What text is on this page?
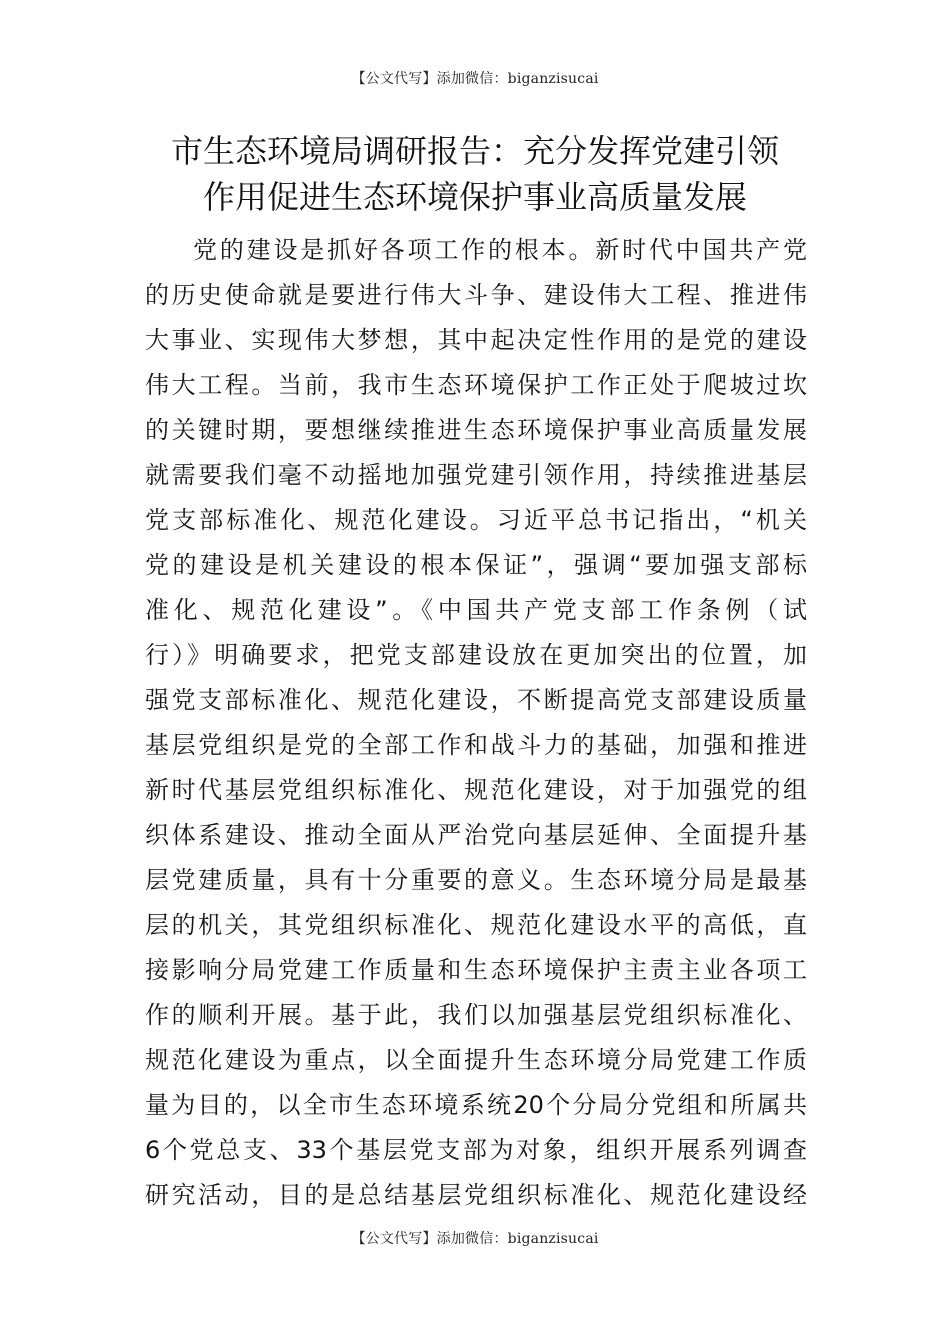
【公文代写】添加微信：biganzisucai
市生态环境局调研报告：充分发挥党建引领
作用促进生态环境保护事业高质量发展
党的建设是抓好各项工作的根本。新时代中国共产党
的历史使命就是要进行伟大斗争、建设伟大工程、推进伟
大事业、实现伟大梦想，其中起决定性作用的是党的建设
伟大工程。当前，我市生态环境保护工作正处于爬坡过坎
的关键时期，要想继续推进生态环境保护事业高质量发展
就需要我们毫不动摇地加强党建引领作用，持续推进基层
党支部标准化、规范化建设。习近平总书记指出，“机关
党的建设是机关建设的根本保证”，强调“要加强支部标
准化、规范化建设”。《中国共产党支部工作条例（试
行）》明确要求，把党支部建设放在更加突出的位置，加
强党支部标准化、规范化建设，不断提高党支部建设质量
基层党组织是党的全部工作和战斗力的基础，加强和推进
新时代基层党组织标准化、规范化建设，对于加强党的组
织体系建设、推动全面从严治党向基层延伸、全面提升基
层党建质量，具有十分重要的意义。生态环境分局是最基
层的机关，其党组织标准化、规范化建设水平的高低，直
接影响分局党建工作质量和生态环境保护主责主业各项工
作的顺利开展。基于此，我们以加强基层党组织标准化、
规范化建设为重点，以全面提升生态环境分局党建工作质
量为目的，以全市生态环境系统20个分局分党组和所属共
6个党总支、33个基层党支部为对象，组织开展系列调查
研究活动，目的是总结基层党组织标准化、规范化建设经
【公文代写】添加微信：biganzisucai
